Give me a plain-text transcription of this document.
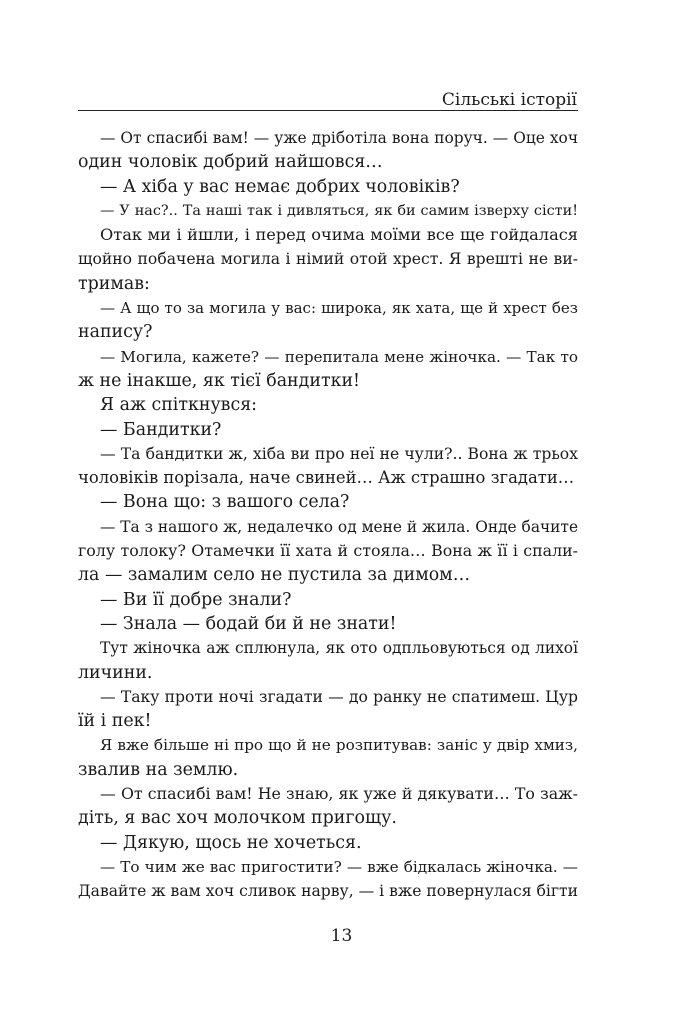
Сільські історії
— От спасибі вам! — уже дріботіла вона поруч. — Оце хоч
один чоловік добрий найшовся…
— А хіба у вас немає добрих чоловіків?
— У нас?.. Та наші так і дивляться, як би самим ізверху сісти!
Отак ми і йшли, і перед очима моїми все ще гойдалася
щойно побачена могила і німий отой хрест. Я врешті не ви-
тримав:
— А що то за могила у вас: широка, як хата, ще й хрест без
напису?
— Могила, кажете? — перепитала мене жіночка. — Так то
ж не інакше, як тієї бандитки!
Я аж спіткнувся:
— Бандитки?
— Та бандитки ж, хіба ви про неї не чули?.. Вона ж трьох
чоловіків порізала, наче свиней… Аж страшно згадати…
— Вона що: з вашого села?
— Та з нашого ж, недалечко од мене й жила. Онде бачите
голу толоку? Отамечки її хата й стояла… Вона ж її і спали-
ла — замалим село не пустила за димом…
— Ви її добре знали?
— Знала — бодай би й не знати!
Тут жіночка аж сплюнула, як ото одпльовуються од лихої
личини.
— Таку проти ночі згадати — до ранку не спатимеш. Цур
їй і пек!
Я вже більше ні про що й не розпитував: заніс у двір хмиз,
звалив на землю.
— От спасибі вам! Не знаю, як уже й дякувати… То заж-
діть, я вас хоч молочком пригощу.
— Дякую, щось не хочеться.
— То чим же вас пригостити? — вже бідкалась жіночка. —
Давайте ж вам хоч сливок нарву, — і вже повернулася бігти
13
